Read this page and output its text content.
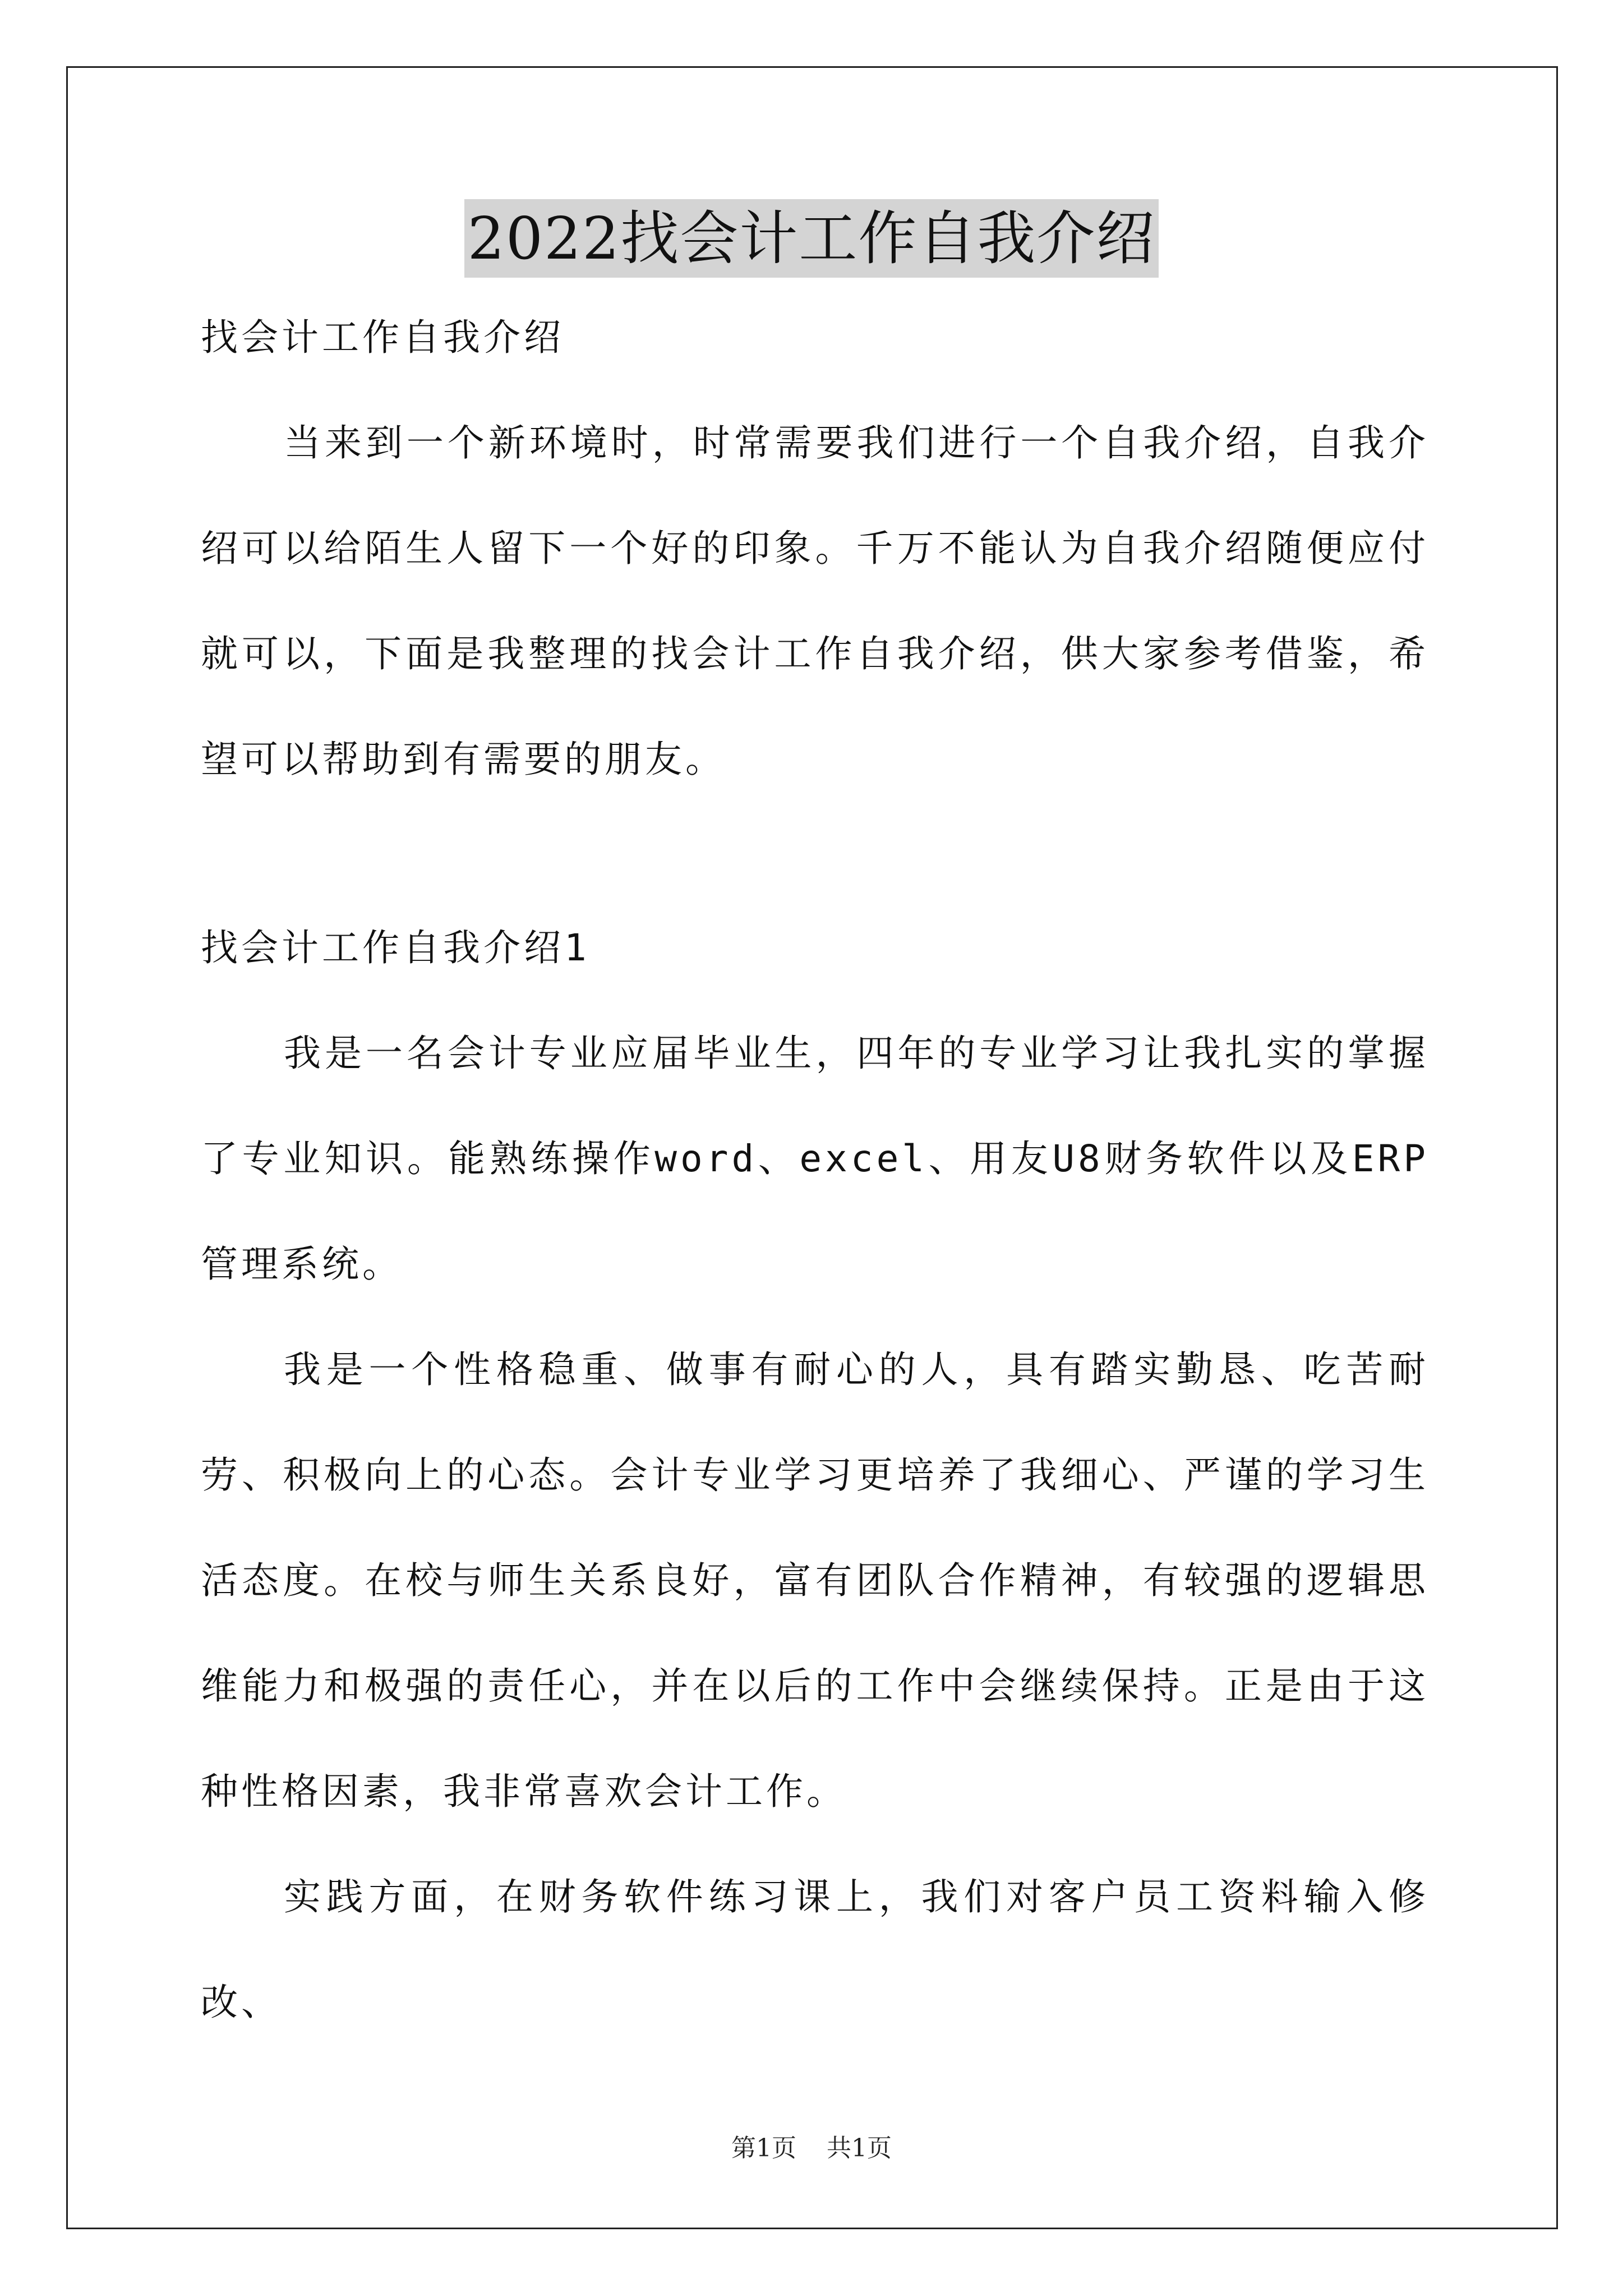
2022找会计工作自我介绍

找会计工作自我介绍

当来到一个新环境时，时常需要我们进行一个自我介绍，自我介绍可以给陌生人留下一个好的印象。千万不能认为自我介绍随便应付就可以，下面是我整理的找会计工作自我介绍，供大家参考借鉴，希望可以帮助到有需要的朋友。

找会计工作自我介绍1

我是一名会计专业应届毕业生，四年的专业学习让我扎实的掌握了专业知识。能熟练操作word、excel、用友U8财务软件以及ERP管理系统。

我是一个性格稳重、做事有耐心的人，具有踏实勤恳、吃苦耐劳、积极向上的心态。会计专业学习更培养了我细心、严谨的学习生活态度。在校与师生关系良好，富有团队合作精神，有较强的逻辑思维能力和极强的责任心，并在以后的工作中会继续保持。正是由于这种性格因素，我非常喜欢会计工作。

实践方面，在财务软件练习课上，我们对客户员工资料输入修改、

第1页 共1页
